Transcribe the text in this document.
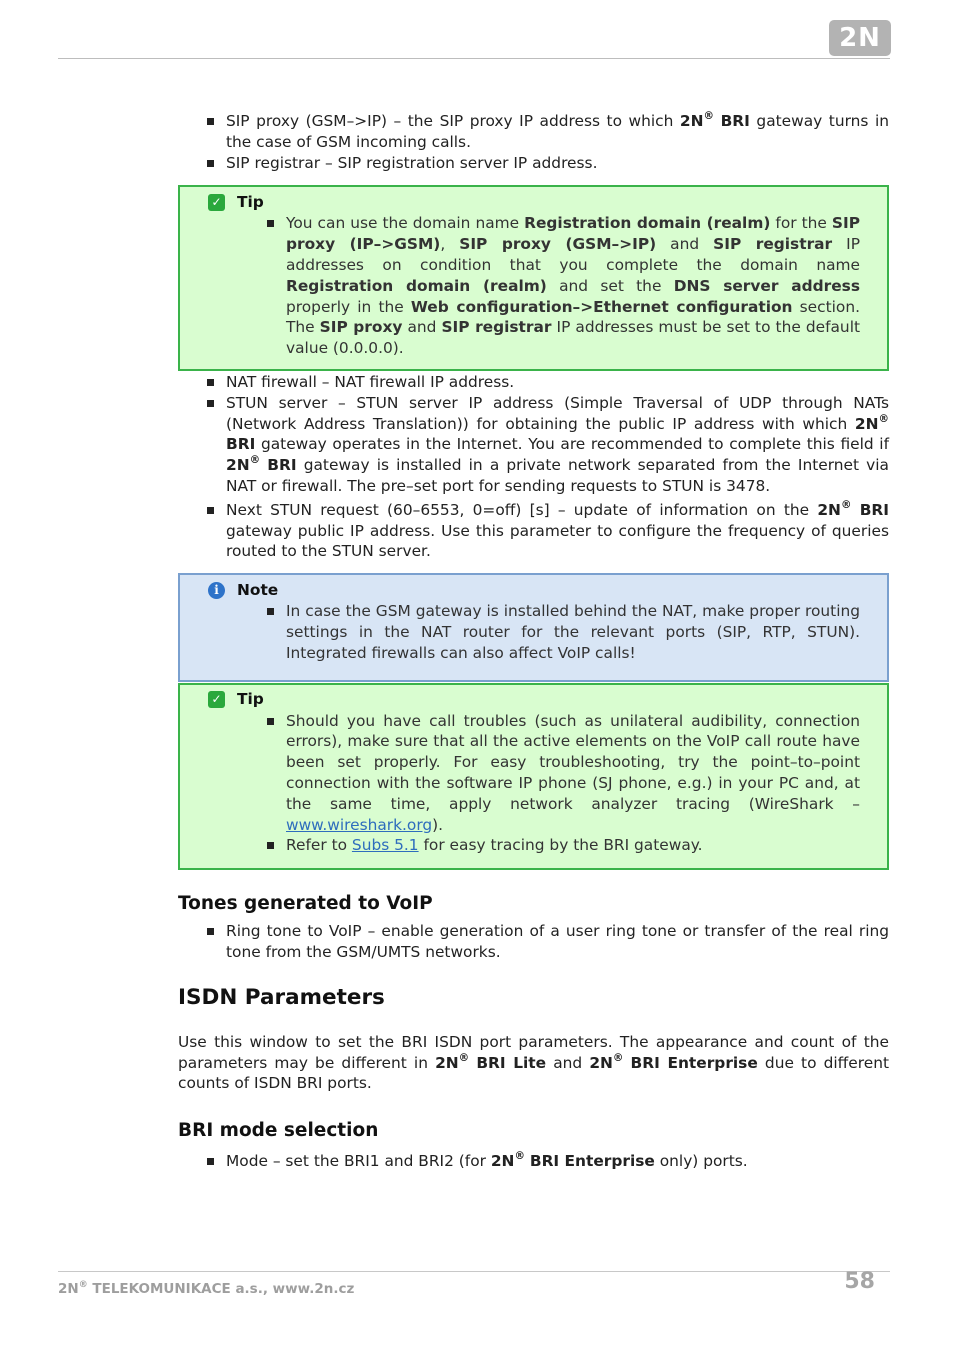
2N
SIP proxy (GSM–>IP) – the SIP proxy IP address to which 2N® BRI gateway turns in the case of GSM incoming calls.
SIP registrar – SIP registration server IP address.
✓ Tip
You can use the domain name Registration domain (realm) for the SIP proxy (IP–>GSM), SIP proxy (GSM–>IP) and SIP registrar IP addresses on condition that you complete the domain name Registration domain (realm) and set the DNS server address properly in the Web configuration–>Ethernet configuration section. The SIP proxy and SIP registrar IP addresses must be set to the default value (0.0.0.0).
NAT firewall – NAT firewall IP address.
STUN server – STUN server IP address (Simple Traversal of UDP through NATs (Network Address Translation)) for obtaining the public IP address with which 2N® BRI gateway operates in the Internet. You are recommended to complete this field if 2N® BRI gateway is installed in a private network separated from the Internet via NAT or firewall. The pre–set port for sending requests to STUN is 3478.
Next STUN request (60–6553, 0=off) [s] – update of information on the 2N® BRI gateway public IP address. Use this parameter to configure the frequency of queries routed to the STUN server.
i	Note
In case the GSM gateway is installed behind the NAT, make proper routing settings in the NAT router for the relevant ports (SIP, RTP, STUN). Integrated firewalls can also affect VoIP calls!
✓ Tip
Should you have call troubles (such as unilateral audibility, connection errors), make sure that all the active elements on the VoIP call route have been set properly. For easy troubleshooting, try the point–to–point connection with the software IP phone (SJ phone, e.g.) in your PC and, at the same time, apply network analyzer tracing (WireShark – www.wireshark.org).
Refer to Subs 5.1 for easy tracing by the BRI gateway.
Tones generated to VoIP
Ring tone to VoIP – enable generation of a user ring tone or transfer of the real ring tone from the GSM/UMTS networks.
ISDN Parameters

Use this window to set the BRI ISDN port parameters. The appearance and count of the parameters may be different in 2N® BRI Lite and 2N® BRI Enterprise due to different counts of ISDN BRI ports.

BRI mode selection
Mode – set the BRI1 and BRI2 (for 2N® BRI Enterprise only) ports.
2N® TELEKOMUNIKACE a.s., www.2n.cz	58
